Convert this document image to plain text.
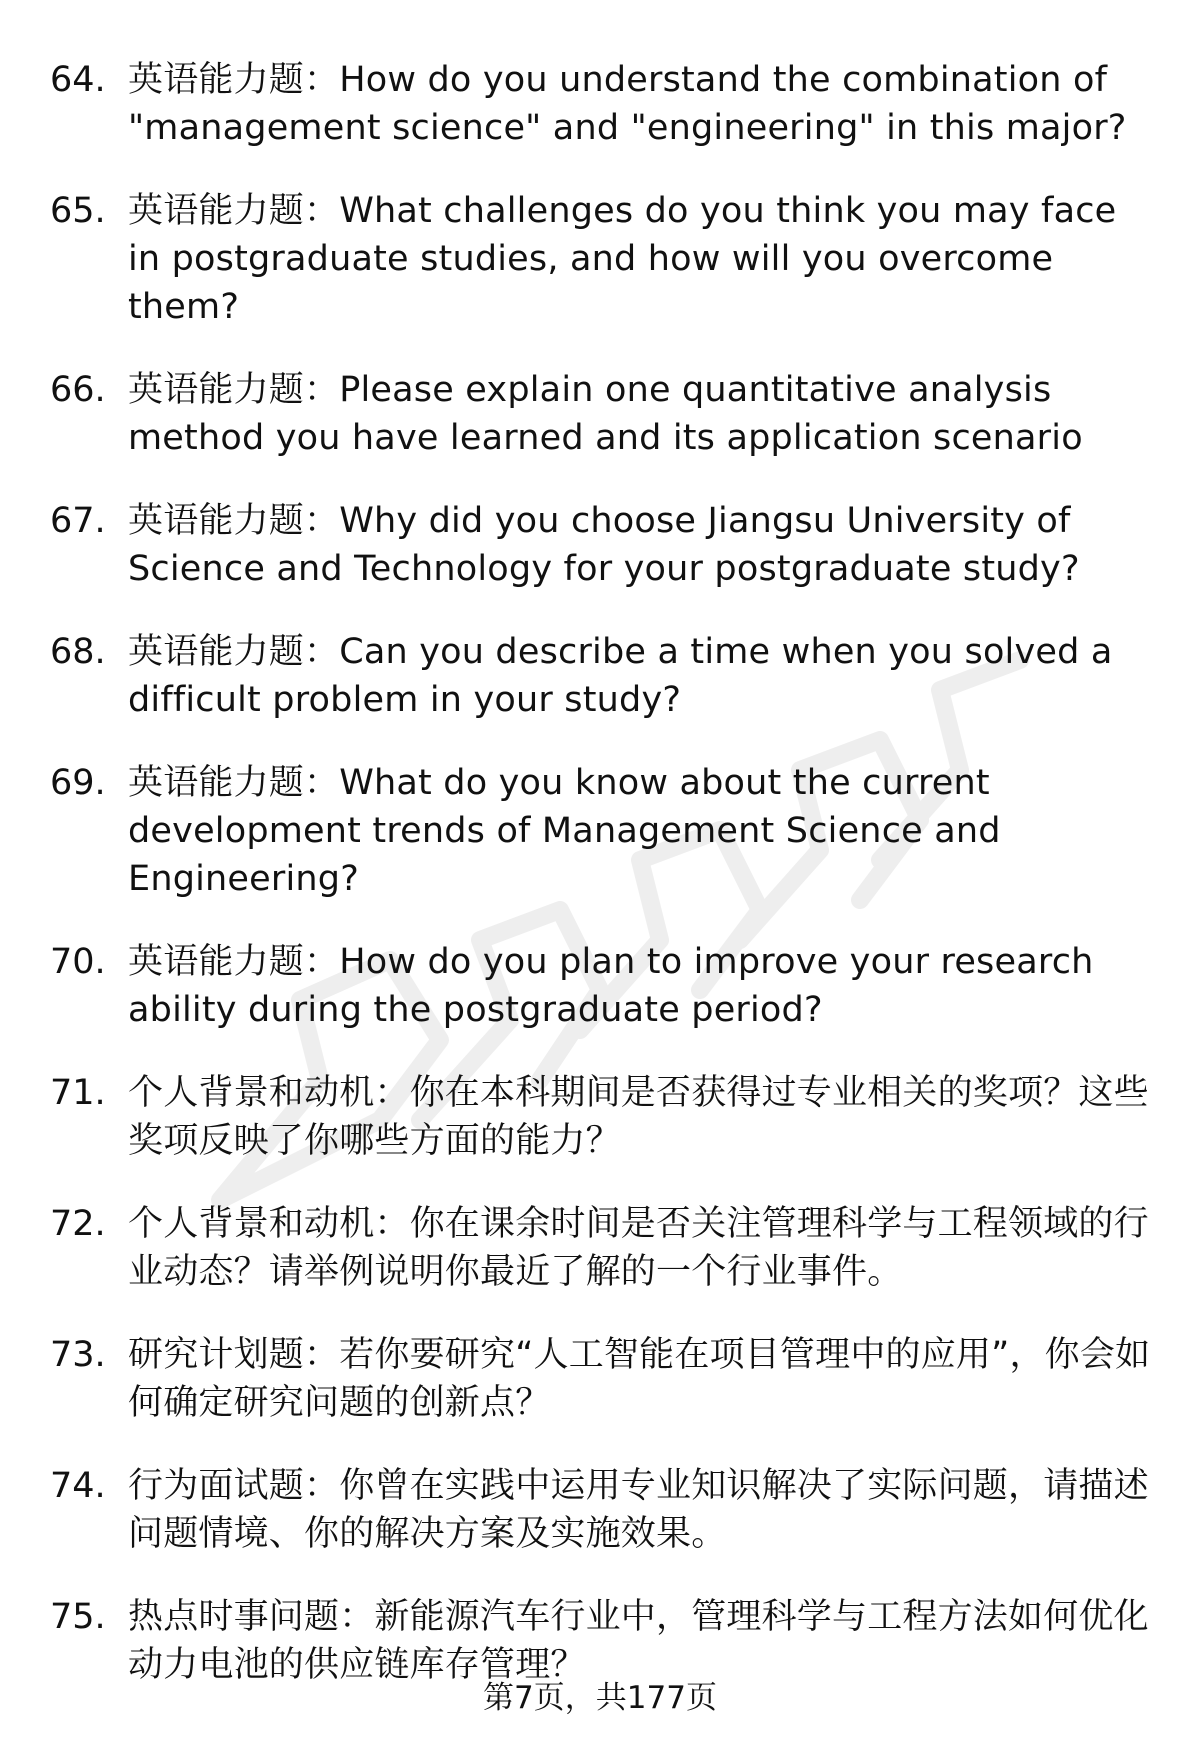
64. 英语能力题：How do you understand the combination of "management science" and "engineering" in this major?
65. 英语能力题：What challenges do you think you may face in postgraduate studies, and how will you overcome them?
66. 英语能力题：Please explain one quantitative analysis method you have learned and its application scenario
67. 英语能力题：Why did you choose Jiangsu University of Science and Technology for your postgraduate study?
68. 英语能力题：Can you describe a time when you solved a difficult problem in your study?
69. 英语能力题：What do you know about the current development trends of Management Science and Engineering?
70. 英语能力题：How do you plan to improve your research ability during the postgraduate period?
71. 个人背景和动机：你在本科期间是否获得过专业相关的奖项？这些奖项反映了你哪些方面的能力？
72. 个人背景和动机：你在课余时间是否关注管理科学与工程领域的行业动态？请举例说明你最近了解的一个行业事件。
73. 研究计划题：若你要研究“人工智能在项目管理中的应用”，你会如何确定研究问题的创新点？
74. 行为面试题：你曾在实践中运用专业知识解决了实际问题，请描述问题情境、你的解决方案及实施效果。
75. 热点时事问题：新能源汽车行业中，管理科学与工程方法如何优化动力电池的供应链库存管理？
第7页，共177页
